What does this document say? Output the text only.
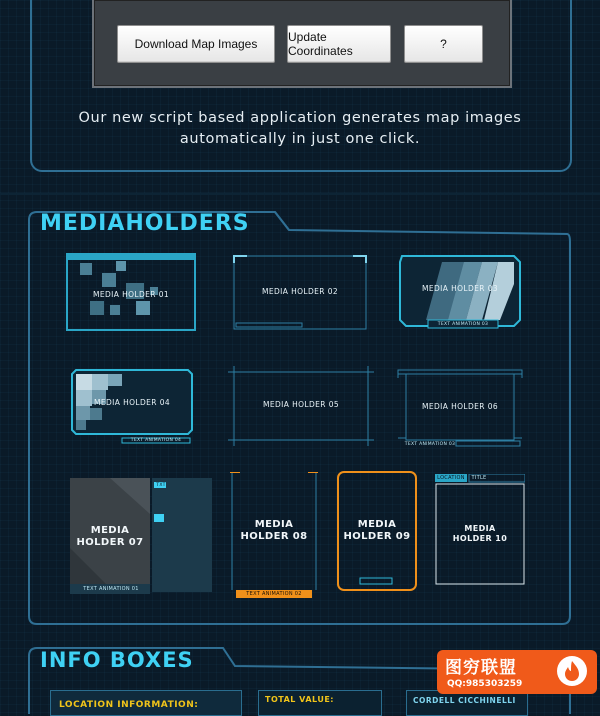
Download Map Images	Update Coordinates	?
Our new script based application generates map images
automatically in just one click.
MEDIAHOLDERS
MEDIA HOLDER 01	MEDIA HOLDER 02	MEDIA HOLDER 03
TEXT ANIMATION 03
MEDIA HOLDER 04
TEXT ANIMATION 04
MEDIA HOLDER 05	MEDIA HOLDER 06
TEXT ANIMATION 03
MEDIA
HOLDER 07
TXT
TEXT ANIMATION 01
MEDIA
HOLDER 08
TEXT ANIMATION 02
MEDIA
HOLDER 09
LOCATION	TITLE
MEDIA
HOLDER 10
INFO BOXES
LOCATION INFORMATION:
TOTAL VALUE:	CORDELL CICCHINELLI
图穷联盟
QQ:985303259
